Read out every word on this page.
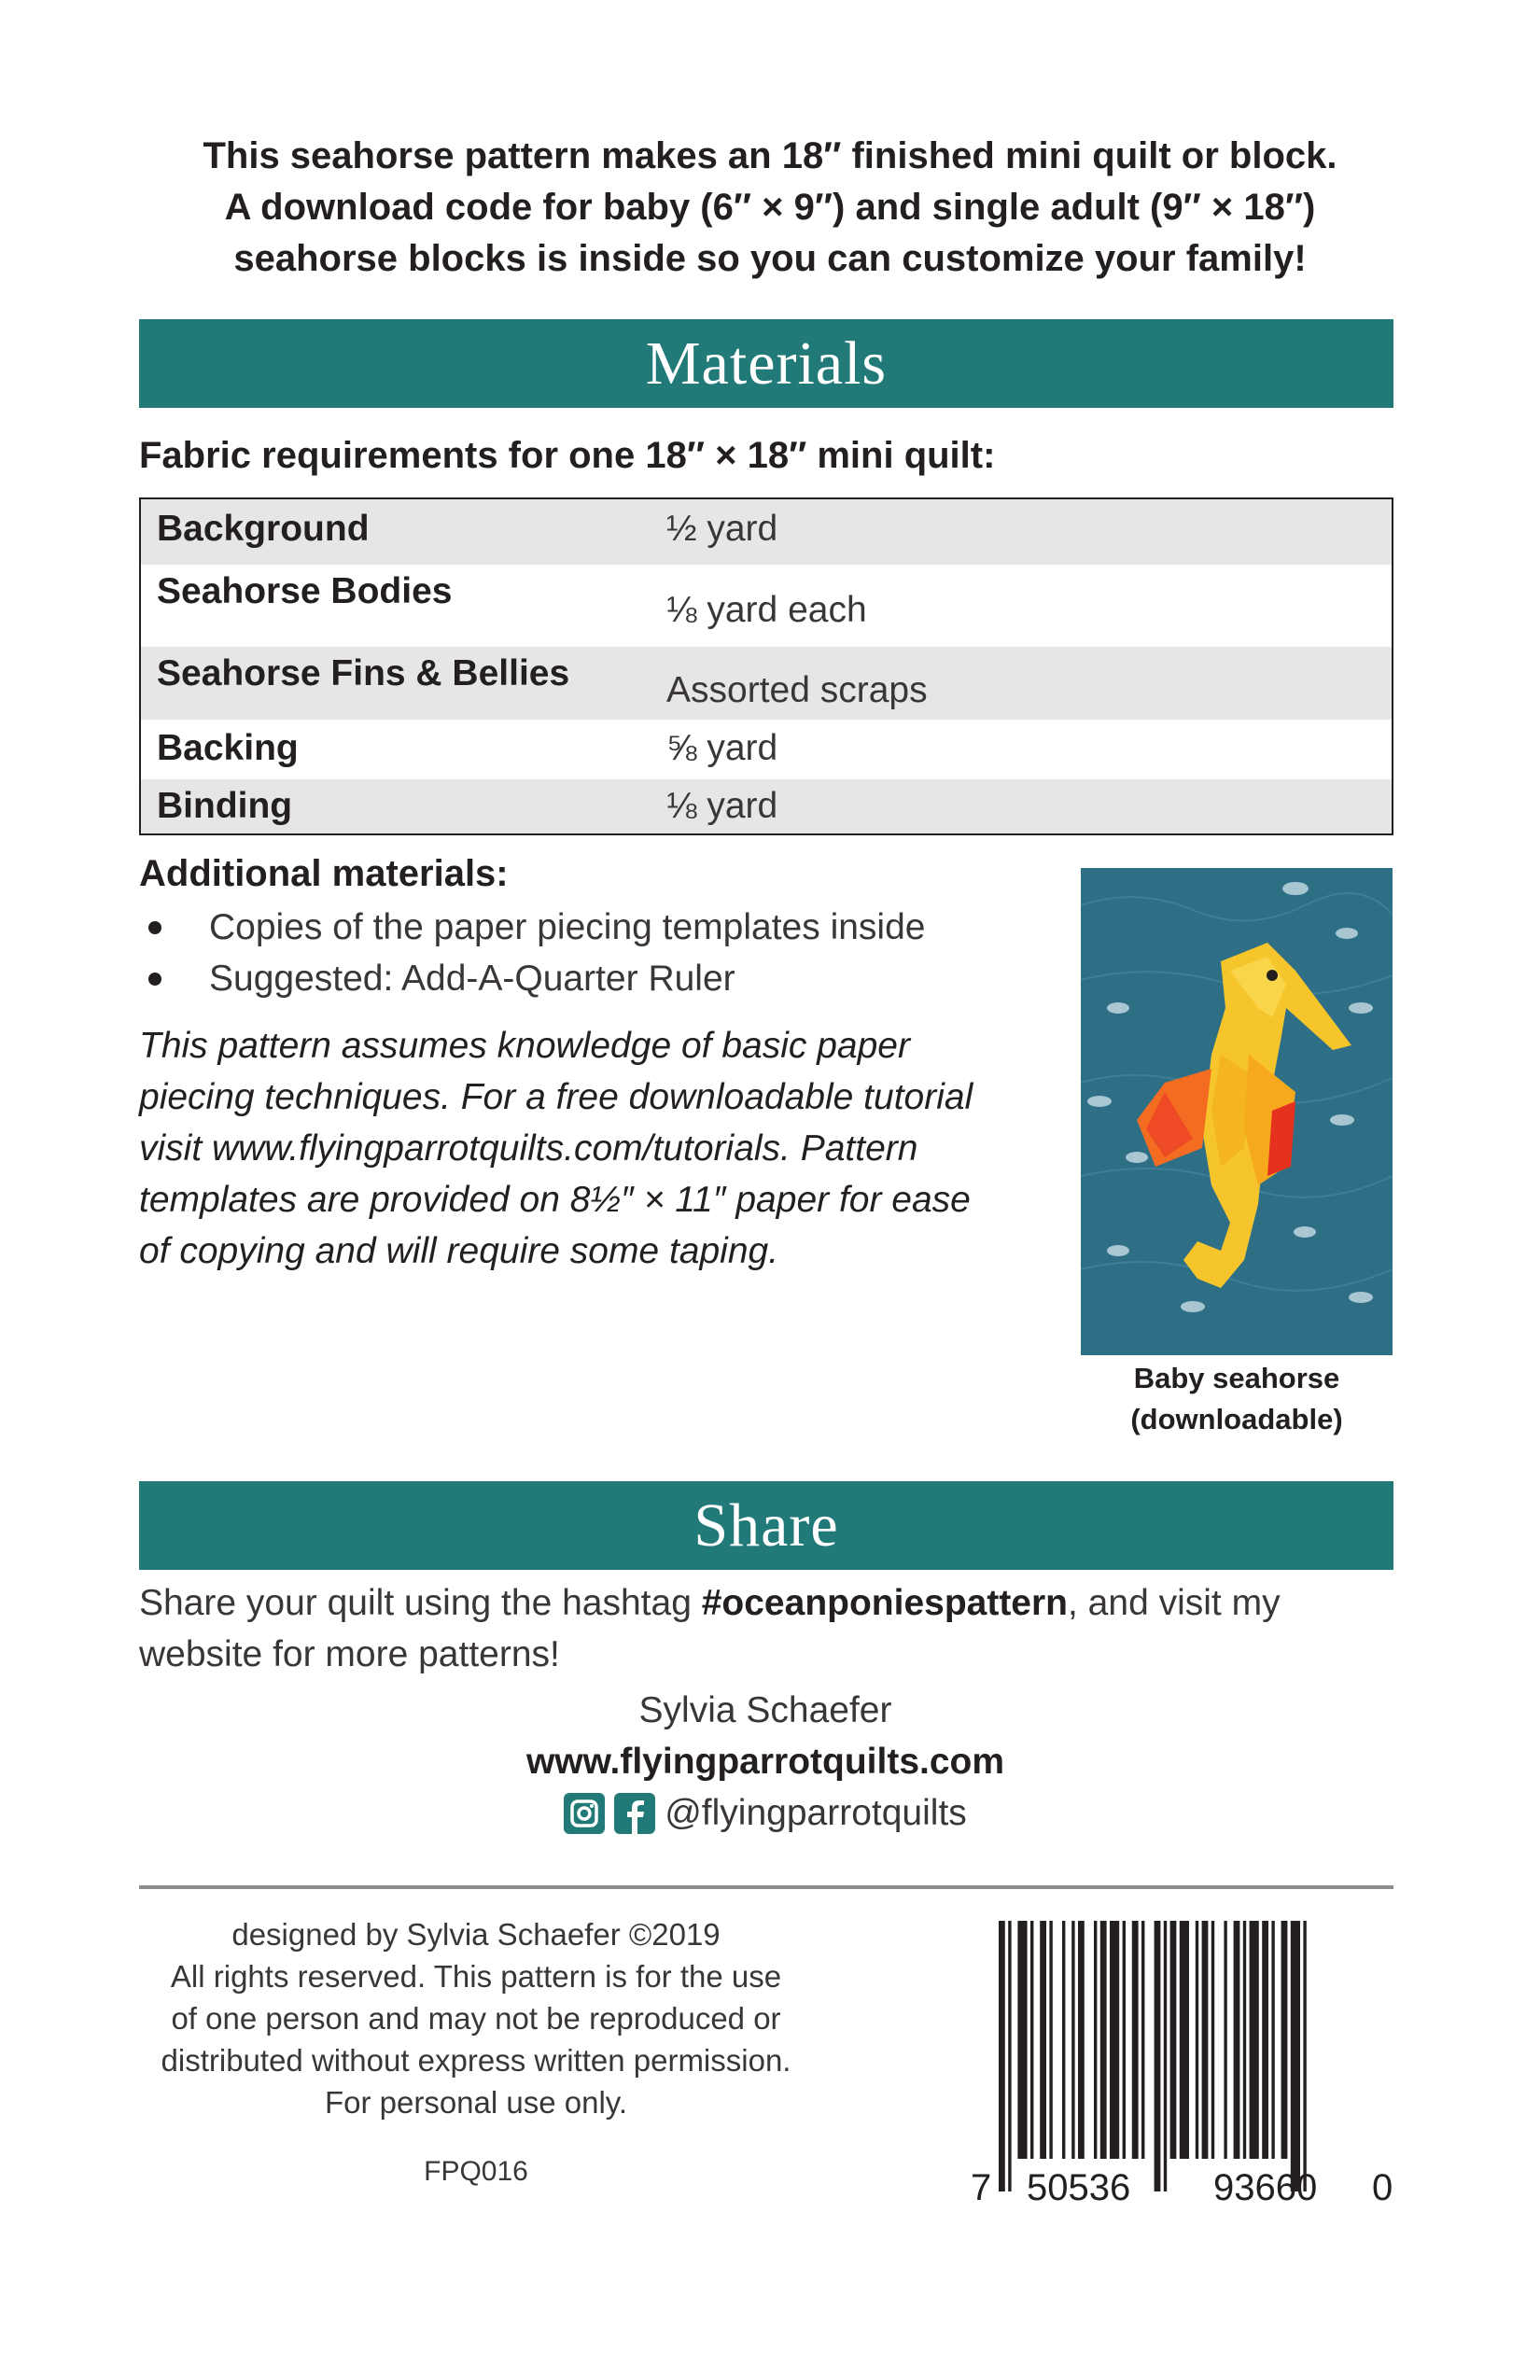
This seahorse pattern makes an 18″ finished mini quilt or block.
A download code for baby (6″ × 9″) and single adult (9″ × 18″)
seahorse blocks is inside so you can customize your family!
Materials
Fabric requirements for one 18″ × 18″ mini quilt:
Background	½ yard
Seahorse Bodies	⅛ yard each
Seahorse Fins & Bellies	Assorted scraps
Backing	⅝ yard
Binding	⅛ yard
Additional materials:
Copies of the paper piecing templates inside
Suggested: Add-A-Quarter Ruler
This pattern assumes knowledge of basic paper
piecing techniques. For a free downloadable tutorial
visit www.flyingparrotquilts.com/tutorials. Pattern
templates are provided on 8½″ × 11″ paper for ease
of copying and will require some taping.
Baby seahorse
(downloadable)
Share
Share your quilt using the hashtag #oceanponiespattern, and visit my
website for more patterns!
Sylvia Schaefer
www.flyingparrotquilts.com
@flyingparrotquilts
designed by Sylvia Schaefer ©2019
All rights reserved. This pattern is for the use
of one person and may not be reproduced or
distributed without express written permission.
For personal use only.
FPQ016	7 50536 93660 0
